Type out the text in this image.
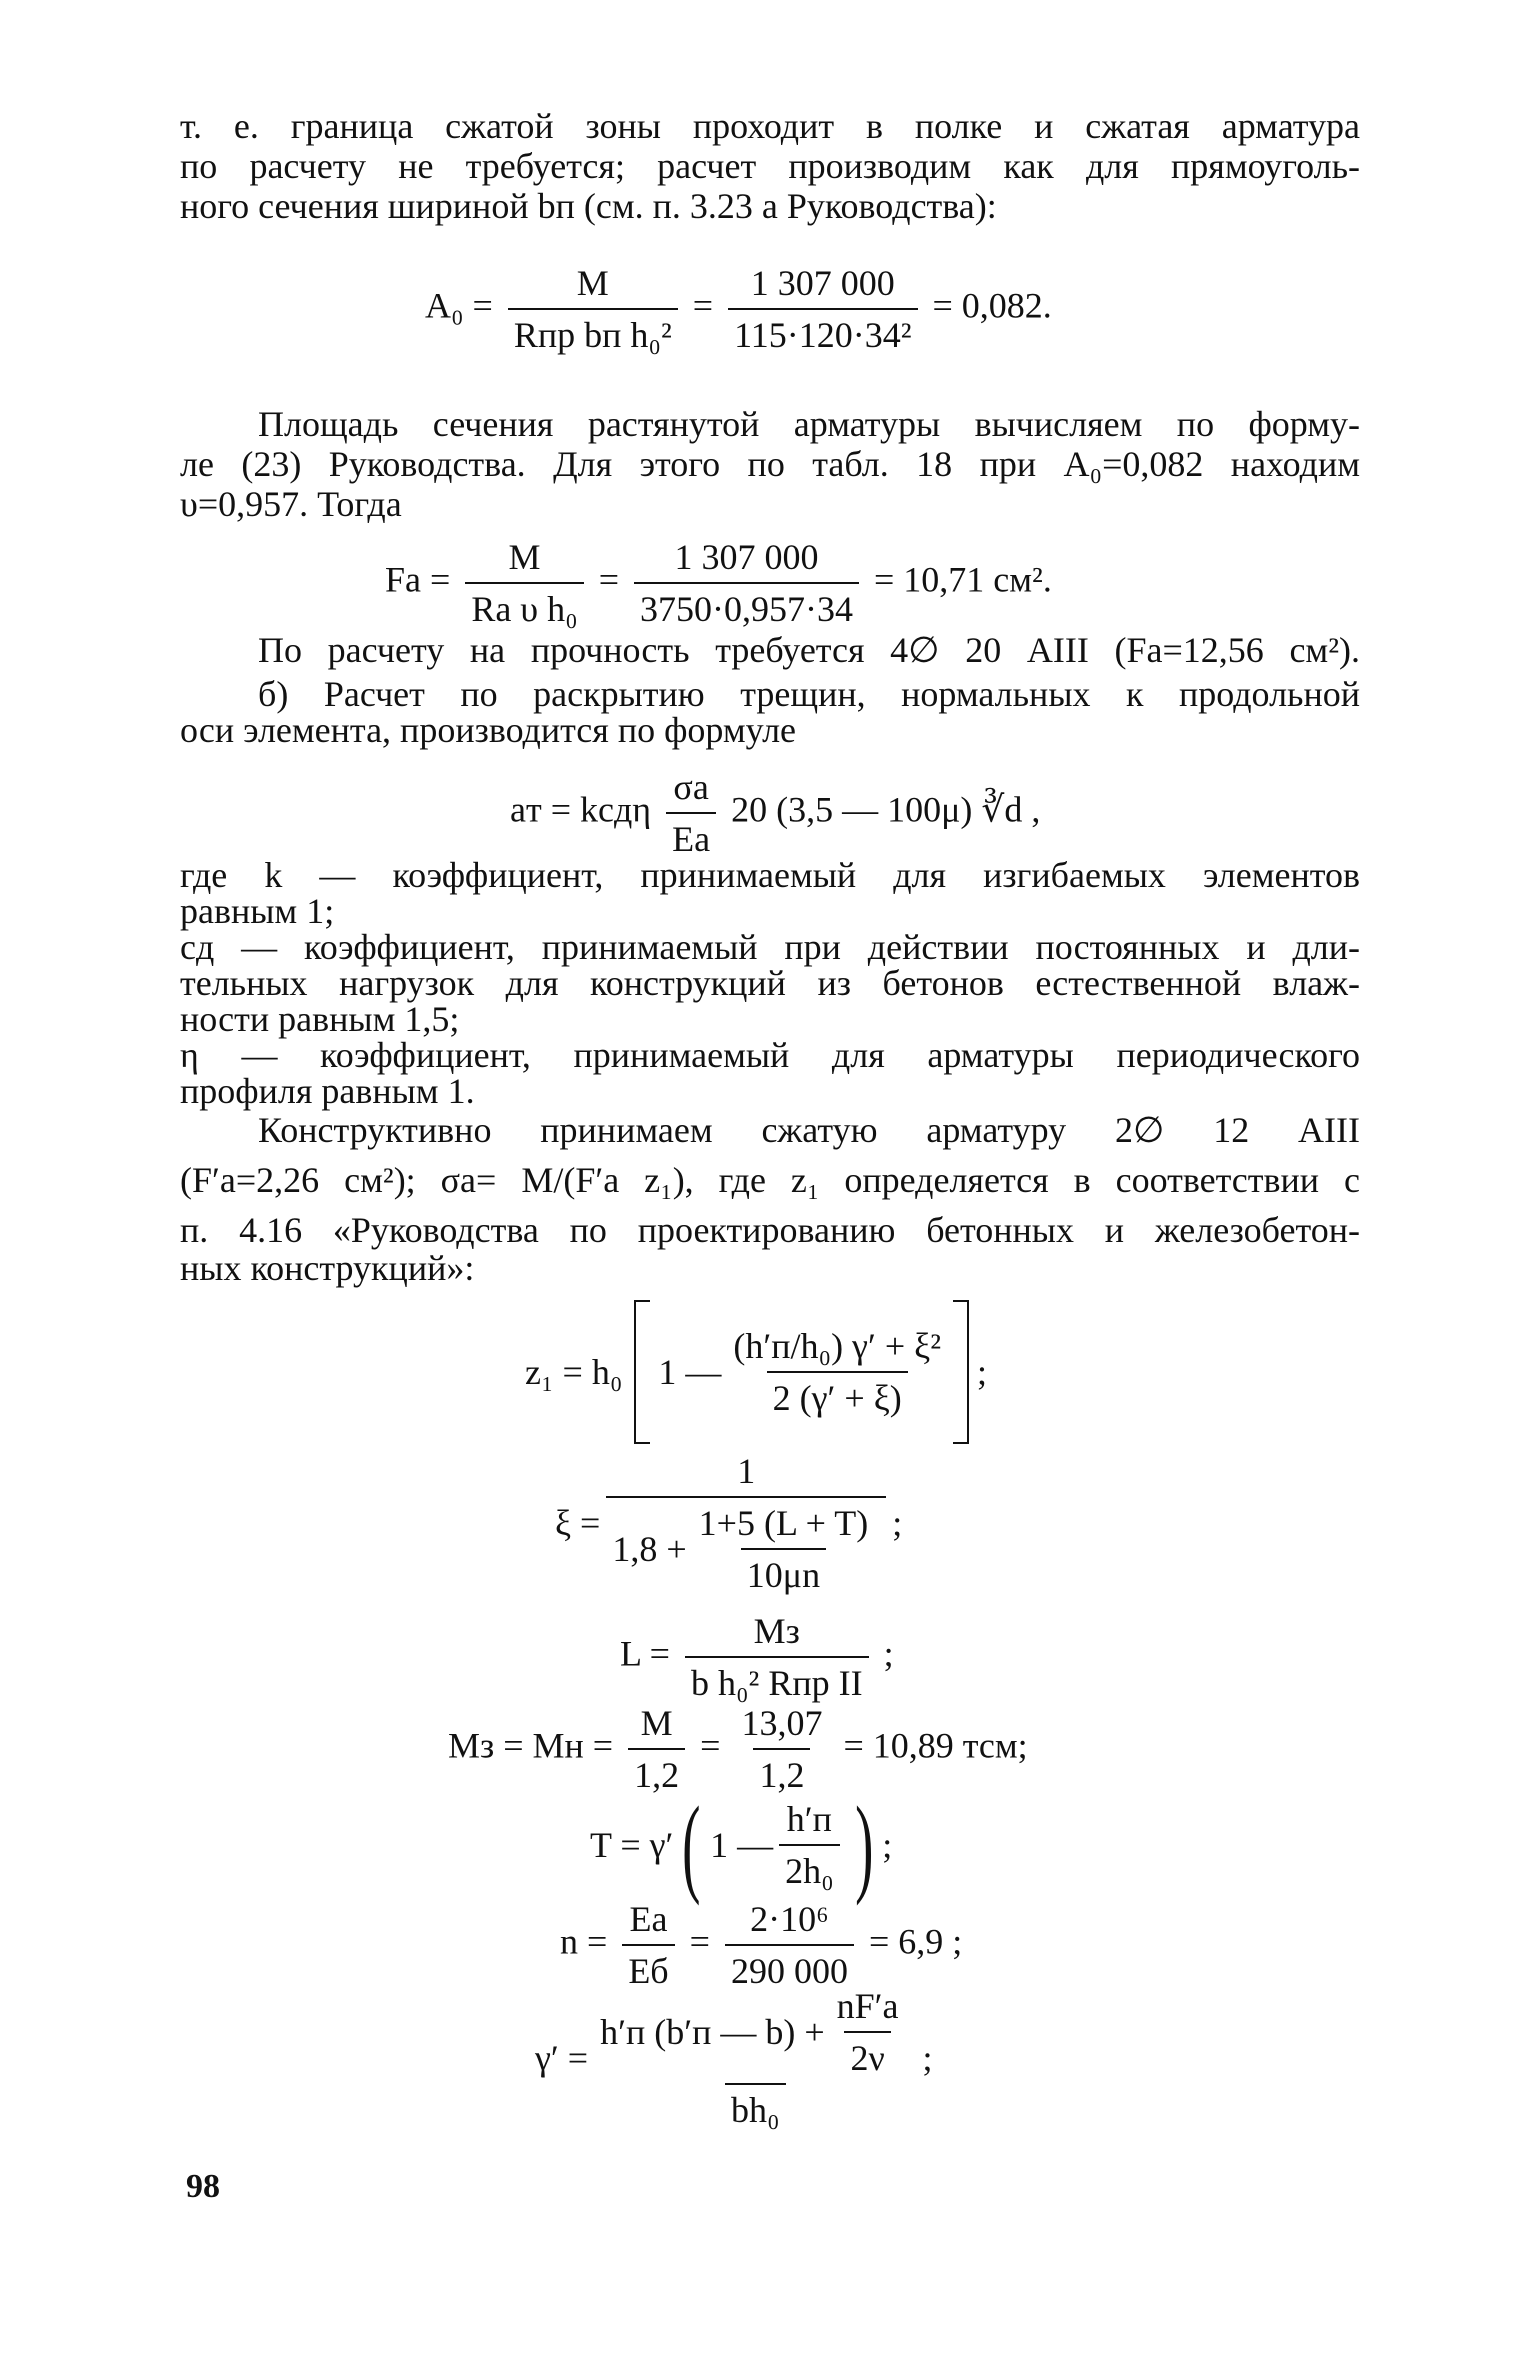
т. е. граница сжатой зоны проходит в полке и сжатая арматура
по расчету не требуется; расчет производим как для прямоуголь-
ного сечения шириной bп (см. п. 3.23 а Руководства):
$A_0 = \frac{M}{\text{Rпр bп h₀²}} = \frac{1 307 000}{\text{115·120·34²}} = 0,082$.
Площадь сечения растянутой арматуры вычисляем по форму-
ле (23) Руководства. Для этого по табл. 18 при A₀=0,082 находим
υ=0,957. Тогда
Fа = $\frac{M}{\text{Rа υ h₀}} = \frac{1 307 000}{3750\cdot 0,957\cdot 34} = 10,71$ см².
По расчету на прочность требуется 4∅ 20 AIII (Fа=12,56 см²).
б) Расчет по раскрытию трещин, нормальных к продольной
оси элемента, производится по формуле
aт = kcдη $\frac{\sigma а}{Eа} 20$ (3,5 — 100μ) ∛d ,
где k — коэффициент, принимаемый для изгибаемых элементов
равным 1;
cд — коэффициент, принимаемый при действии постоянных и дли-
тельных нагрузок для конструкций из бетонов естественной влаж-
ности равным 1,5;
η — коэффициент, принимаемый для арматуры периодического
профиля равным 1.
Конструктивно принимаем сжатую арматуру 2∅ 12 AIII
(F′а=2,26 см²); σа= M/(F′а z₁), где z₁ определяется в соответствии с
п. 4.16 «Руководства по проектированию бетонных и железобетон-
ных конструкций»:
z₁ = h₀ 1 — $\frac{\text{(h′п/h₀) γ′ + ξ²}}{2 (\gamma' + \xi)}$ ;
$\xi = \frac{1}{1,8 + \frac{1+5 (L + T)}{10\mu n}}$ ;
$L = \frac{Mз}{\text{b h₀² Rпр II}}$ ;
Mз = Mн = $\frac{M}{1,2} = \frac{13,07}{1,2} = 10,89$ тсм;
T = γ′ ( 1 — $\frac{h'п}{\text{2h₀}}$ ) ;
$n = \frac{Eа}{Eб} = \frac{\text{2·10⁶}}{290 000} = 6,9$ ;
$\gamma' = \frac{h'п (b'п — b) + \frac{nF'а}{2\nu}}{\text{bh₀}}$ ;
98
